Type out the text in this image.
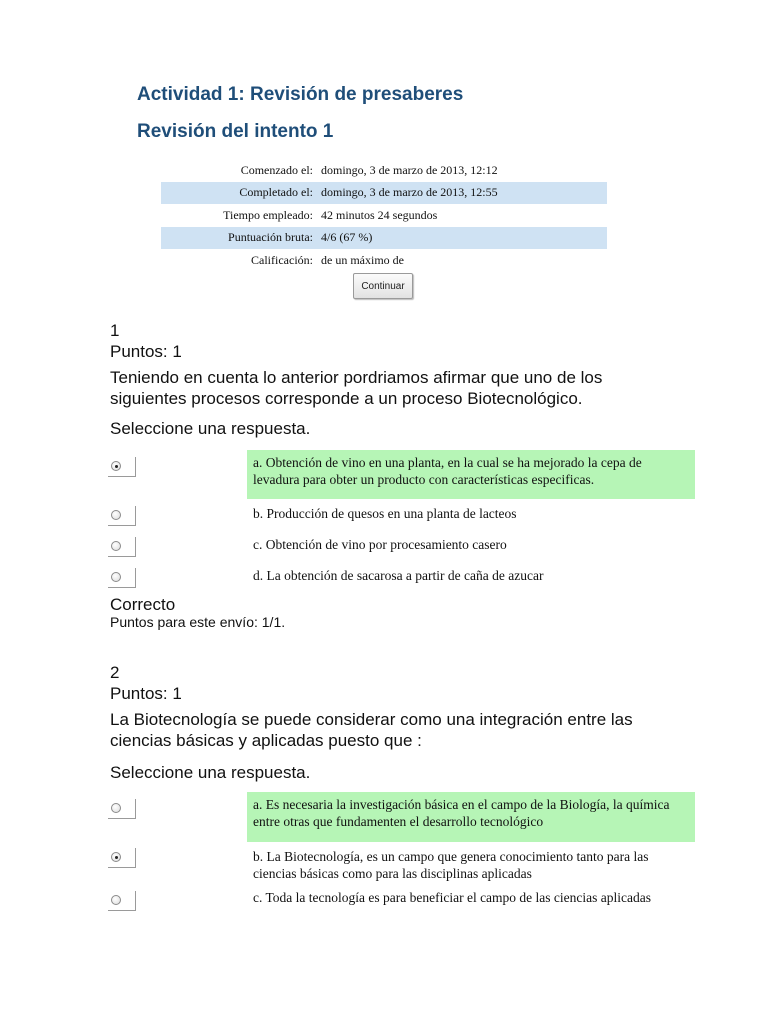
Actividad 1: Revisión de presaberes
Revisión del intento 1
Comenzado el:	domingo, 3 de marzo de 2013, 12:12
Completado el:	domingo, 3 de marzo de 2013, 12:55
Tiempo empleado:	42 minutos 24 segundos
Puntuación bruta:	4/6 (67 %)
Calificación:	de un máximo de
Continuar
1
Puntos: 1
Teniendo en cuenta lo anterior pordriamos afirmar que uno de los siguientes procesos corresponde a un proceso Biotecnológico.
Seleccione una respuesta.
a. Obtención de vino en una planta, en la cual se ha mejorado la cepa de levadura para obter un producto con características especificas.
b. Producción de quesos en una planta de lacteos
c. Obtención de vino por procesamiento casero
d. La obtención de sacarosa a partir de caña de azucar
Correcto
Puntos para este envío: 1/1.
2
Puntos: 1
La Biotecnología se puede considerar como una integración entre las ciencias básicas y aplicadas puesto que :
Seleccione una respuesta.
a. Es necesaria la investigación básica en el campo de la Biología, la química entre otras que fundamenten el desarrollo tecnológico
b. La Biotecnología, es un campo que genera conocimiento tanto para las ciencias básicas como para las disciplinas aplicadas
c. Toda la tecnología es para beneficiar el campo de las ciencias aplicadas
